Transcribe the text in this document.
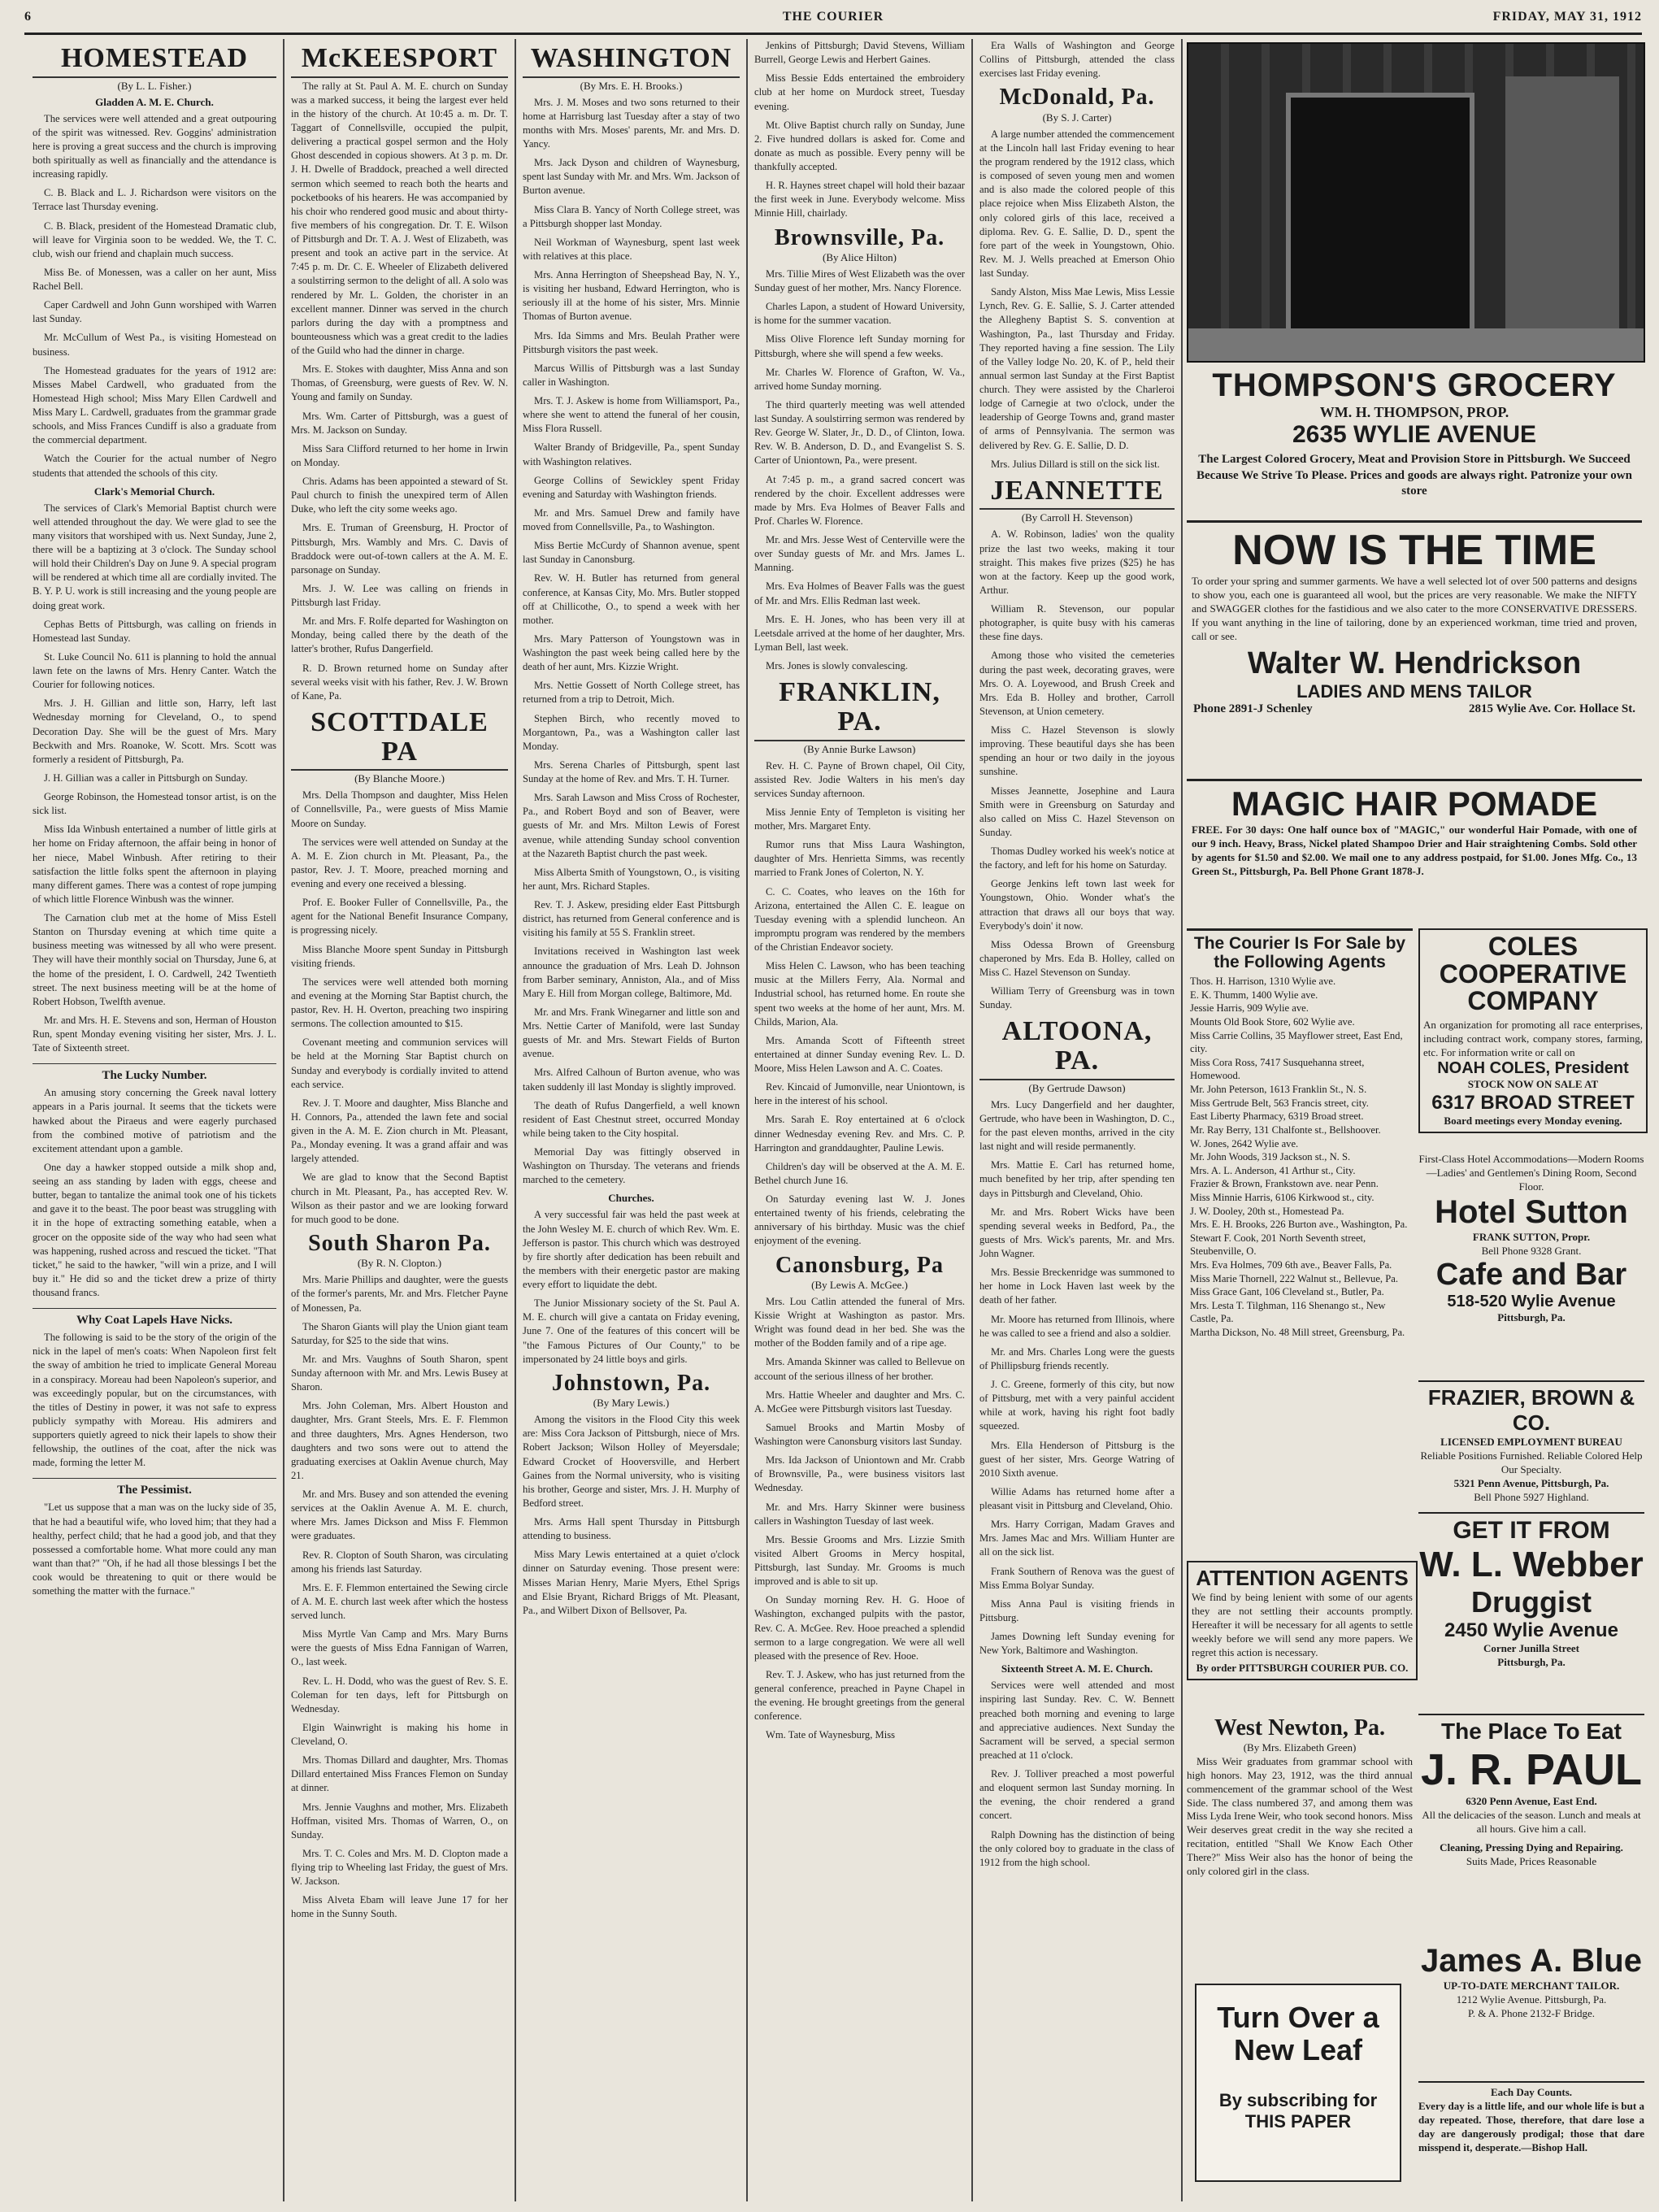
6	THE COURIER	FRIDAY, MAY 31, 1912
HOMESTEAD
(By L. L. Fisher.)
Gladden A. M. E. Church.

The services were well attended and a great outpouring of the spirit was witnessed. Rev. Goggins' administration here is proving a great success and the church is improving both spiritually as well as financially and the attendance is increasing rapidly.

C. B. Black and L. J. Richardson were visitors on the Terrace last Thursday evening.

C. B. Black, president of the Homestead Dramatic club, will leave for Virginia soon to be wedded. We, the T. C. club, wish our friend and chaplain much success.

Miss Be. of Monessen, was a caller on her aunt, Miss Rachel Bell.

Caper Cardwell and John Gunn worshiped with Warren last Sunday.

Mr. McCullum of West Pa., is visiting Homestead on business.

The Homestead graduates for the years of 1912 are: Misses Mabel Cardwell, who graduated from the Homestead High school; Miss Mary Ellen Cardwell and Miss Mary L. Cardwell, graduates from the grammar grade schools, and Miss Frances Cundiff is also a graduate from the commercial department.

Watch the Courier for the actual number of Negro students that attended the schools of this city.

Clark's Memorial Church.

The services of Clark's Memorial Baptist church were well attended throughout the day. We were glad to see the many visitors that worshiped with us. Next Sunday, June 2, there will be a baptizing at 3 o'clock. The Sunday school will hold their Children's Day on June 9. A special program will be rendered at which time all are cordially invited. The B. Y. P. U. work is still increasing and the young people are doing great work.

Cephas Betts of Pittsburgh, was calling on friends in Homestead last Sunday.

St. Luke Council No. 611 is planning to hold the annual lawn fete on the lawns of Mrs. Henry Canter. Watch the Courier for following notices.

Mrs. J. H. Gillian and little son, Harry, left last Wednesday morning for Cleveland, O., to spend Decoration Day. She will be the guest of Mrs. Mary Beckwith and Mrs. Roanoke, W. Scott. Mrs. Scott was formerly a resident of Pittsburgh, Pa.

J. H. Gillian was a caller in Pittsburgh on Sunday.

George Robinson, the Homestead tonsor artist, is on the sick list.

Miss Ida Winbush entertained a number of little girls at her home on Friday afternoon, the affair being in honor of her niece, Mabel Winbush. After retiring to their satisfaction the little folks spent the afternoon in playing many different games. There was a contest of rope jumping of which little Florence Winbush was the winner.

The Carnation club met at the home of Miss Estell Stanton on Thursday evening at which time quite a business meeting was witnessed by all who were present. They will have their monthly social on Thursday, June 6, at the home of the president, I. O. Cardwell, 242 Twentieth street. The next business meeting will be at the home of Robert Hobson, Twelfth avenue.

Mr. and Mrs. H. E. Stevens and son, Herman of Houston Run, spent Monday evening visiting her sister, Mrs. J. L. Tate of Sixteenth street.

The Lucky Number.

An amusing story concerning the Greek naval lottery appears in a Paris journal. It seems that the tickets were hawked about the Piraeus and were eagerly purchased from the combined motive of patriotism and the excitement attendant upon a gamble.

One day a hawker stopped outside a milk shop and, seeing an ass standing by laden with eggs, cheese and butter, began to tantalize the animal took one of his tickets and gave it to the beast. The poor beast was struggling with it in the hope of extracting something eatable, when a grocer on the opposite side of the way who had seen what was happening, rushed across and rescued the ticket. "That ticket," he said to the hawker, "will win a prize, and I will buy it." He did so and the ticket drew a prize of thirty thousand francs.

Why Coat Lapels Have Nicks.

The following is said to be the story of the origin of the nick in the lapel of men's coats: When Napoleon first felt the sway of ambition he tried to implicate General Moreau in a conspiracy. Moreau had been Napoleon's superior, and was exceedingly popular, but on the circumstances, with the titles of Destiny in power, it was not safe to express publicly sympathy with Moreau. His admirers and supporters quietly agreed to nick their lapels to show their fellowship, the outlines of the coat, after the nick was made, forming the letter M.

The Pessimist.

"Let us suppose that a man was on the lucky side of 35, that he had a beautiful wife, who loved him; that they had a healthy, perfect child; that he had a good job, and that they possessed a comfortable home. What more could any man want than that?" "Oh, if he had all those blessings I bet the cook would be threatening to quit or there would be something the matter with the furnace."

McKEESPORT

The rally at St. Paul A. M. E. church on Sunday was a marked success, it being the largest ever held in the history of the church. At 10:45 a. m. Dr. T. Taggart of Connellsville, occupied the pulpit, delivering a practical gospel sermon and the Holy Ghost descended in copious showers. At 3 p. m. Dr. J. H. Dwelle of Braddock, preached a well directed sermon which seemed to reach both the hearts and pocketbooks of his hearers. He was accompanied by his choir who rendered good music and about thirty-five members of his congregation. Dr. T. E. Wilson of Pittsburgh and Dr. T. A. J. West of Elizabeth, was present and took an active part in the service. At 7:45 p. m. Dr. C. E. Wheeler of Elizabeth delivered a soulstirring sermon to the delight of all. A solo was rendered by Mr. L. Golden, the chorister in an excellent manner. Dinner was served in the church parlors during the day with a promptness and bounteousness which was a great credit to the ladies of the Guild who had the dinner in charge.

Mrs. E. Stokes with daughter, Miss Anna and son Thomas, of Greensburg, were guests of Rev. W. N. Young and family on Sunday.

Mrs. Wm. Carter of Pittsburgh, was a guest of Mrs. M. Jackson on Sunday.

Miss Sara Clifford returned to her home in Irwin on Monday.

Chris. Adams has been appointed a steward of St. Paul church to finish the unexpired term of Allen Duke, who left the city some weeks ago.

Mrs. E. Truman of Greensburg, H. Proctor of Pittsburgh, Mrs. Wambly and Mrs. C. Davis of Braddock were out-of-town callers at the A. M. E. parsonage on Sunday.

Mrs. J. W. Lee was calling on friends in Pittsburgh last Friday.

Mr. and Mrs. F. Rolfe departed for Washington on Monday, being called there by the death of the latter's brother, Rufus Dangerfield.

R. D. Brown returned home on Sunday after several weeks visit with his father, Rev. J. W. Brown of Kane, Pa.

SCOTTDALE PA
(By Blanche Moore.)

Mrs. Della Thompson and daughter, Miss Helen of Connellsville, Pa., were guests of Miss Mamie Moore on Sunday.

The services were well attended on Sunday at the A. M. E. Zion church in Mt. Pleasant, Pa., the pastor, Rev. J. T. Moore, preached morning and evening and every one received a blessing.

Prof. E. Booker Fuller of Connellsville, Pa., the agent for the National Benefit Insurance Company, is progressing nicely.

Miss Blanche Moore spent Sunday in Pittsburgh visiting friends.

The services were well attended both morning and evening at the Morning Star Baptist church, the pastor, Rev. H. H. Overton, preaching two inspiring sermons. The collection amounted to $15.

Covenant meeting and communion services will be held at the Morning Star Baptist church on Sunday and everybody is cordially invited to attend each service.

Rev. J. T. Moore and daughter, Miss Blanche and H. Connors, Pa., attended the lawn fete and social given in the A. M. E. Zion church in Mt. Pleasant, Pa., Monday evening. It was a grand affair and was largely attended.

We are glad to know that the Second Baptist church in Mt. Pleasant, Pa., has accepted Rev. W. Wilson as their pastor and we are looking forward for much good to be done.

South Sharon Pa.
(By R. N. Clopton.)

Mrs. Marie Phillips and daughter, were the guests of the former's parents, Mr. and Mrs. Fletcher Payne of Monessen, Pa.

The Sharon Giants will play the Union giant team Saturday, for $25 to the side that wins.

Mr. and Mrs. Vaughns of South Sharon, spent Sunday afternoon with Mr. and Mrs. Lewis Busey at Sharon.

Mrs. John Coleman, Mrs. Albert Houston and daughter, Mrs. Grant Steels, Mrs. E. F. Flemmon and three daughters, Mrs. Agnes Henderson, two daughters and two sons were out to attend the graduating exercises at Oaklin Avenue church, May 21.

Mr. and Mrs. Busey and son attended the evening services at the Oaklin Avenue A. M. E. church, where Mrs. James Dickson and Miss F. Flemmon were graduates.

Rev. R. Clopton of South Sharon, was circulating among his friends last Saturday.

Mrs. E. F. Flemmon entertained the Sewing circle of A. M. E. church last week after which the hostess served lunch.

Miss Myrtle Van Camp and Mrs. Mary Burns were the guests of Miss Edna Fannigan of Warren, O., last week.

Rev. L. H. Dodd, who was the guest of Rev. S. E. Coleman for ten days, left for Pittsburgh on Wednesday.

Elgin Wainwright is making his home in Cleveland, O.

Mrs. Thomas Dillard and daughter, Mrs. Thomas Dillard entertained Miss Frances Flemon on Sunday at dinner.

Mrs. Jennie Vaughns and mother, Mrs. Elizabeth Hoffman, visited Mrs. Thomas of Warren, O., on Sunday.

Mrs. T. C. Coles and Mrs. M. D. Clopton made a flying trip to Wheeling last Friday, the guest of Mrs. W. Jackson.

Miss Alveta Ebam will leave June 17 for her home in the Sunny South.

WASHINGTON
(By Mrs. E. H. Brooks.)

Mrs. J. M. Moses and two sons returned to their home at Harrisburg last Tuesday after a stay of two months with Mrs. Moses' parents, Mr. and Mrs. D. Yancy.

Mrs. Jack Dyson and children of Waynesburg, spent last Sunday with Mr. and Mrs. Wm. Jackson of Burton avenue.

Miss Clara B. Yancy of North College street, was a Pittsburgh shopper last Monday.

Neil Workman of Waynesburg, spent last week with relatives at this place.

Mrs. Anna Herrington of Sheepshead Bay, N. Y., is visiting her husband, Edward Herrington, who is seriously ill at the home of his sister, Mrs. Minnie Thomas of Burton avenue.

Mrs. Ida Simms and Mrs. Beulah Prather were Pittsburgh visitors the past week.

Marcus Willis of Pittsburgh was a last Sunday caller in Washington.

Mrs. T. J. Askew is home from Williamsport, Pa., where she went to attend the funeral of her cousin, Miss Flora Russell.

Walter Brandy of Bridgeville, Pa., spent Sunday with Washington relatives.

George Collins of Sewickley spent Friday evening and Saturday with Washington friends.

Mr. and Mrs. Samuel Drew and family have moved from Connellsville, Pa., to Washington.

Miss Bertie McCurdy of Shannon avenue, spent last Sunday in Canonsburg.

Rev. W. H. Butler has returned from general conference, at Kansas City, Mo. Mrs. Butler stopped off at Chillicothe, O., to spend a week with her mother.

Mrs. Mary Patterson of Youngstown was in Washington the past week being called here by the death of her aunt, Mrs. Kizzie Wright.

Mrs. Nettie Gossett of North College street, has returned from a trip to Detroit, Mich.

Stephen Birch, who recently moved to Morgantown, Pa., was a Washington caller last Monday.

Mrs. Serena Charles of Pittsburgh, spent last Sunday at the home of Rev. and Mrs. T. H. Turner.

Mrs. Sarah Lawson and Miss Cross of Rochester, Pa., and Robert Boyd and son of Beaver, were guests of Mr. and Mrs. Milton Lewis of Forest avenue, while attending Sunday school convention at the Nazareth Baptist church the past week.

Miss Alberta Smith of Youngstown, O., is visiting her aunt, Mrs. Richard Staples.

Rev. T. J. Askew, presiding elder East Pittsburgh district, has returned from General conference and is visiting his family at 55 S. Franklin street.

Invitations received in Washington last week announce the graduation of Mrs. Leah D. Johnson from Barber seminary, Anniston, Ala., and of Miss Mary E. Hill from Morgan college, Baltimore, Md.

Mr. and Mrs. Frank Winegarner and little son and Mrs. Nettie Carter of Manifold, were last Sunday guests of Mr. and Mrs. Stewart Fields of Burton avenue.

Mrs. Alfred Calhoun of Burton avenue, who was taken suddenly ill last Monday is slightly improved.

The death of Rufus Dangerfield, a well known resident of East Chestnut street, occurred Monday while being taken to the City hospital.

Memorial Day was fittingly observed in Washington on Thursday. The veterans and friends marched to the cemetery.

Churches.

A very successful fair was held the past week at the John Wesley M. E. church of which Rev. Wm. E. Jefferson is pastor. This church which was destroyed by fire shortly after dedication has been rebuilt and the members with their energetic pastor are making every effort to liquidate the debt.

The Junior Missionary society of the St. Paul A. M. E. church will give a cantata on Friday evening, June 7. One of the features of this concert will be "the Famous Pictures of Our County," to be impersonated by 24 little boys and girls.

Johnstown, Pa.
(By Mary Lewis.)

Among the visitors in the Flood City this week are: Miss Cora Jackson of Pittsburgh, niece of Mrs. Robert Jackson; Wilson Holley of Meyersdale; Edward Crocket of Hooversville, and Herbert Gaines from the Normal university, who is visiting his brother, George and sister, Mrs. J. H. Murphy of Bedford street.

Mrs. Arms Hall spent Thursday in Pittsburgh attending to business.

Miss Mary Lewis entertained at a quiet o'clock dinner on Saturday evening. Those present were: Misses Marian Henry, Marie Myers, Ethel Sprigs and Elsie Bryant, Richard Briggs of Mt. Pleasant, Pa., and Wilbert Dixon of Bellsover, Pa.

Jenkins of Pittsburgh; David Stevens, William Burrell, George Lewis and Herbert Gaines.

Miss Bessie Edds entertained the embroidery club at her home on Murdock street, Tuesday evening.

Mt. Olive Baptist church rally on Sunday, June 2. Five hundred dollars is asked for. Come and donate as much as possible. Every penny will be thankfully accepted.

H. R. Haynes street chapel will hold their bazaar the first week in June. Everybody welcome. Miss Minnie Hill, chairlady.

Brownsville, Pa.
(By Alice Hilton)

Mrs. Tillie Mires of West Elizabeth was the over Sunday guest of her mother, Mrs. Nancy Florence.

Charles Lapon, a student of Howard University, is home for the summer vacation.

Miss Olive Florence left Sunday morning for Pittsburgh, where she will spend a few weeks.

Mr. Charles W. Florence of Grafton, W. Va., arrived home Sunday morning.

The third quarterly meeting was well attended last Sunday. A soulstirring sermon was rendered by Rev. George W. Slater, Jr., D. D., of Clinton, Iowa. Rev. W. B. Anderson, D. D., and Evangelist S. S. Carter of Uniontown, Pa., were present.

At 7:45 p. m., a grand sacred concert was rendered by the choir. Excellent addresses were made by Mrs. Eva Holmes of Beaver Falls and Prof. Charles W. Florence.

Mr. and Mrs. Jesse West of Centerville were the over Sunday guests of Mr. and Mrs. James L. Manning.

Mrs. Eva Holmes of Beaver Falls was the guest of Mr. and Mrs. Ellis Redman last week.

Mrs. E. H. Jones, who has been very ill at Leetsdale arrived at the home of her daughter, Mrs. Lyman Bell, last week.

Mrs. Jones is slowly convalescing.

FRANKLIN, PA.
(By Annie Burke Lawson)

Rev. H. C. Payne of Brown chapel, Oil City, assisted Rev. Jodie Walters in his men's day services Sunday afternoon.

Miss Jennie Enty of Templeton is visiting her mother, Mrs. Margaret Enty.

Rumor runs that Miss Laura Washington, daughter of Mrs. Henrietta Simms, was recently married to Frank Jones of Colerton, N. Y.

C. C. Coates, who leaves on the 16th for Arizona, entertained the Allen C. E. league on Tuesday evening with a splendid luncheon. An impromptu program was rendered by the members of the Christian Endeavor society.

Miss Helen C. Lawson, who has been teaching music at the Millers Ferry, Ala. Normal and Industrial school, has returned home. En route she spent two weeks at the home of her aunt, Mrs. M. Childs, Marion, Ala.

Mrs. Amanda Scott of Fifteenth street entertained at dinner Sunday evening Rev. L. D. Moore, Miss Helen Lawson and A. C. Coates.

Rev. Kincaid of Jumonville, near Uniontown, is here in the interest of his school.

Mrs. Sarah E. Roy entertained at 6 o'clock dinner Wednesday evening Rev. and Mrs. C. P. Harrington and granddaughter, Pauline Lewis.

Children's day will be observed at the A. M. E. Bethel church June 16.

On Saturday evening last W. J. Jones entertained twenty of his friends, celebrating the anniversary of his birthday. Music was the chief enjoyment of the evening.

Canonsburg, Pa
(By Lewis A. McGee.)

Mrs. Lou Catlin attended the funeral of Mrs. Kissie Wright at Washington as pastor. Mrs. Wright was found dead in her bed. She was the mother of the Bodden family and of a ripe age.

Mrs. Amanda Skinner was called to Bellevue on account of the serious illness of her brother.

Mrs. Hattie Wheeler and daughter and Mrs. C. A. McGee were Pittsburgh visitors last Tuesday.

Samuel Brooks and Martin Mosby of Washington were Canonsburg visitors last Sunday.

Mrs. Ida Jackson of Uniontown and Mr. Crabb of Brownsville, Pa., were business visitors last Wednesday.

Mr. and Mrs. Harry Skinner were business callers in Washington Tuesday of last week.

Mrs. Bessie Grooms and Mrs. Lizzie Smith visited Albert Grooms in Mercy hospital, Pittsburgh, last Sunday. Mr. Grooms is much improved and is able to sit up.

On Sunday morning Rev. H. G. Hooe of Washington, exchanged pulpits with the pastor, Rev. C. A. McGee. Rev. Hooe preached a splendid sermon to a large congregation. We were all well pleased with the presence of Rev. Hooe.

Rev. T. J. Askew, who has just returned from the general conference, preached in Payne Chapel in the evening. He brought greetings from the general conference.

Wm. Tate of Waynesburg, Miss

Era Walls of Washington and George Collins of Pittsburgh, attended the class exercises last Friday evening.

McDonald, Pa.
(By S. J. Carter)

A large number attended the commencement at the Lincoln hall last Friday evening to hear the program rendered by the 1912 class, which is composed of seven young men and women and is also made the colored people of this place rejoice when Miss Elizabeth Alston, the only colored girls of this lace, received a diploma. Rev. G. E. Sallie, D. D., spent the fore part of the week in Youngstown, Ohio. Rev. M. J. Wells preached at Emerson Ohio last Sunday.

Sandy Alston, Miss Mae Lewis, Miss Lessie Lynch, Rev. G. E. Sallie, S. J. Carter attended the Allegheny Baptist S. S. convention at Washington, Pa., last Thursday and Friday. They reported having a fine session. The Lily of the Valley lodge No. 20, K. of P., held their annual sermon last Sunday at the First Baptist church. They were assisted by the Charleroi lodge of Carnegie at two o'clock, under the leadership of George Towns and, grand master of arms of Pennsylvania. The sermon was delivered by Rev. G. E. Sallie, D. D.

Mrs. Julius Dillard is still on the sick list.

JEANNETTE
(By Carroll H. Stevenson)

A. W. Robinson, ladies' won the quality prize the last two weeks, making it tour straight. This makes five prizes ($25) he has won at the factory. Keep up the good work, Arthur.

William R. Stevenson, our popular photographer, is quite busy with his cameras these fine days.

Among those who visited the cemeteries during the past week, decorating graves, were Mrs. O. A. Loyewood, and Brush Creek and Mrs. Eda B. Holley and brother, Carroll Stevenson, at Union cemetery.

Miss C. Hazel Stevenson is slowly improving. These beautiful days she has been spending an hour or two daily in the joyous sunshine.

Misses Jeannette, Josephine and Laura Smith were in Greensburg on Saturday and also called on Miss C. Hazel Stevenson on Sunday.

Thomas Dudley worked his week's notice at the factory, and left for his home on Saturday.

George Jenkins left town last week for Youngstown, Ohio. Wonder what's the attraction that draws all our boys that way. Everybody's doin' it now.

Miss Odessa Brown of Greensburg chaperoned by Mrs. Eda B. Holley, called on Miss C. Hazel Stevenson on Sunday.

William Terry of Greensburg was in town Sunday.

ALTOONA, PA.
(By Gertrude Dawson)

Mrs. Lucy Dangerfield and her daughter, Gertrude, who have been in Washington, D. C., for the past eleven months, arrived in the city last night and will reside permanently.

Mrs. Mattie E. Carl has returned home, much benefited by her trip, after spending ten days in Pittsburgh and Cleveland, Ohio.

Mr. and Mrs. Robert Wicks have been spending several weeks in Bedford, Pa., the guests of Mrs. Wick's parents, Mr. and Mrs. John Wagner.

Mrs. Bessie Breckenridge was summoned to her home in Lock Haven last week by the death of her father.

Mr. Moore has returned from Illinois, where he was called to see a friend and also a soldier.

Mr. and Mrs. Charles Long were the guests of Phillipsburg friends recently.

J. C. Greene, formerly of this city, but now of Pittsburg, met with a very painful accident while at work, having his right foot badly squeezed.

Mrs. Ella Henderson of Pittsburg is the guest of her sister, Mrs. George Watring of 2010 Sixth avenue.

Willie Adams has returned home after a pleasant visit in Pittsburg and Cleveland, Ohio.

Mrs. Harry Corrigan, Madam Graves and Mrs. James Mac and Mrs. William Hunter are all on the sick list.

Frank Southern of Renova was the guest of Miss Emma Bolyar Sunday.

Miss Anna Paul is visiting friends in Pittsburg.

James Downing left Sunday evening for New York, Baltimore and Washington.

Sixteenth Street A. M. E. Church.

Services were well attended and most inspiring last Sunday. Rev. C. W. Bennett preached both morning and evening to large and appreciative audiences. Next Sunday the Sacrament will be served, a special sermon preached at 11 o'clock.

Rev. J. Tolliver preached a most powerful and eloquent sermon last Sunday morning. In the evening, the choir rendered a grand concert.

Ralph Downing has the distinction of being the only colored boy to graduate in the class of 1912 from the high school.

THOMPSON'S GROCERY
WM. H. THOMPSON, PROP.
2635 WYLIE AVENUE
The Largest Colored Grocery, Meat and Provision Store in Pittsburgh. We Succeed Because We Strive To Please. Prices and goods are always right. Patronize your own store
NOW IS THE TIME
To order your spring and summer garments. We have a well selected lot of over 500 patterns and designs to show you, each one is guaranteed all wool, but the prices are very reasonable. We make the NIFTY and SWAGGER clothes for the fastidious and we also cater to the more CONSERVATIVE DRESSERS. If you want anything in the line of tailoring, done by an experienced workman, time tried and proven, call or see.
Walter W. Hendrickson
LADIES AND MENS TAILOR
Phone 2891-J Schenley	2815 Wylie Ave. Cor. Hollace St.
MAGIC HAIR POMADE
FREE. For 30 days: One half ounce box of "MAGIC," our wonderful Hair Pomade, with one of our 9 inch. Heavy, Brass, Nickel plated Shampoo Drier and Hair straightening Combs. Sold other by agents for $1.50 and $2.00. We mail one to any address postpaid, for $1.00. Jones Mfg. Co., 13 Green St., Pittsburgh, Pa. Bell Phone Grant 1878-J.
The Courier Is For Sale by the Following Agents
Thos. H. Harrison, 1310 Wylie ave.
E. K. Thumm, 1400 Wylie ave.
Jessie Harris, 909 Wylie ave.
Mounts Old Book Store, 602 Wylie ave.
Miss Carrie Collins, 35 Mayflower street, East End, city.
Miss Cora Ross, 7417 Susquehanna street, Homewood.
Mr. John Peterson, 1613 Franklin St., N. S.
Miss Gertrude Belt, 563 Francis street, city.
East Liberty Pharmacy, 6319 Broad street.
Mr. Ray Berry, 131 Chalfonte st., Bellshoover.
W. Jones, 2642 Wylie ave.
Mr. John Woods, 319 Jackson st., N. S.
Mrs. A. L. Anderson, 41 Arthur st., City.
Frazier & Brown, Frankstown ave. near Penn.
Miss Minnie Harris, 6106 Kirkwood st., city.
J. W. Dooley, 20th st., Homestead Pa.
Mrs. E. H. Brooks, 226 Burton ave., Washington, Pa.
Stewart F. Cook, 201 North Seventh street, Steubenville, O.
Mrs. Eva Holmes, 709 6th ave., Beaver Falls, Pa.
Miss Marie Thornell, 222 Walnut st., Bellevue, Pa.
Miss Grace Gant, 106 Cleveland st., Butler, Pa.
Mrs. Lesta T. Tilghman, 116 Shenango st., New Castle, Pa.
Martha Dickson, No. 48 Mill street, Greensburg, Pa.
ATTENTION AGENTS
We find by being lenient with some of our agents they are not settling their accounts promptly. Hereafter it will be necessary for all agents to settle weekly before we will send any more papers. We regret this action is necessary.
By order PITTSBURGH COURIER PUB. CO.
West Newton, Pa.
(By Mrs. Elizabeth Green)
Miss Weir graduates from grammar school with high honors. May 23, 1912, was the third annual commencement of the grammar school of the West Side. The class numbered 37, and among them was Miss Lyda Irene Weir, who took second honors. Miss Weir deserves great credit in the way she recited a recitation, entitled "Shall We Know Each Other There?" Miss Weir also has the honor of being the only colored girl in the class.
Turn Over a New Leaf
By subscribing for THIS PAPER
COLES COOPERATIVE COMPANY
An organization for promoting all race enterprises, including contract work, company stores, farming, etc. For information write or call on
NOAH COLES, President
STOCK NOW ON SALE AT
6317 BROAD STREET
Board meetings every Monday evening.
First-Class Hotel Accommodations—Modern Rooms—Ladies' and Gentlemen's Dining Room, Second Floor.
Hotel Sutton
FRANK SUTTON, Propr.
Bell Phone 9328 Grant.
Cafe and Bar
518-520 Wylie Avenue
Pittsburgh, Pa.
FRAZIER, BROWN & CO.
LICENSED EMPLOYMENT BUREAU
Reliable Positions Furnished. Reliable Colored Help Our Specialty.
5321 Penn Avenue, Pittsburgh, Pa.
Bell Phone 5927 Highland.
GET IT FROM
W. L. Webber
Druggist
2450 Wylie Avenue
Corner Junilla Street
Pittsburgh, Pa.
The Place To Eat
J. R. PAUL
6320 Penn Avenue, East End.
All the delicacies of the season. Lunch and meals at all hours. Give him a call.
Cleaning, Pressing Dying and Repairing.
Suits Made, Prices Reasonable
James A. Blue
UP-TO-DATE MERCHANT TAILOR.
1212 Wylie Avenue. Pittsburgh, Pa.
P. & A. Phone 2132-F Bridge.
Each Day Counts.
Every day is a little life, and our whole life is but a day repeated. Those, therefore, that dare lose a day are dangerously prodigal; those that dare misspend it, desperate.—Bishop Hall.
